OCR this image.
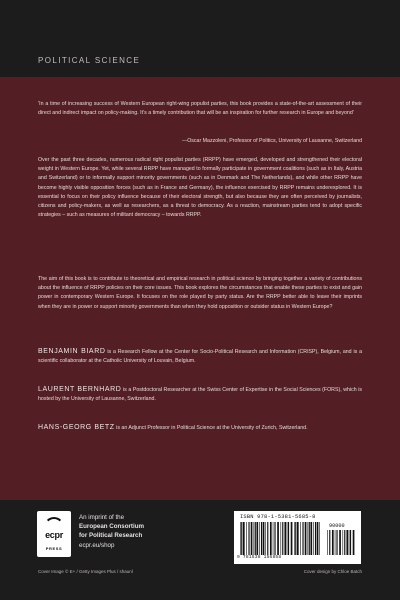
POLITICAL SCIENCE

‘In a time of increasing success of Western European right-wing populist parties, this book provides a state-of-the-art assessment of their direct and indirect impact on policy-making. It’s a timely contribution that will be an inspiration for further research in Europe and beyond’

—Oscar Mazzoleni, Professor of Politics, University of Lausanne, Switzerland

Over the past three decades, numerous radical right populist parties (RRPP) have emerged, developed and strengthened their electoral weight in Western Europe. Yet, while several RRPP have managed to formally participate in government coalitions (such as in Italy, Austria and Switzerland) or to informally support minority governments (such as in Denmark and The Netherlands), and while other RRPP have become highly visible opposition forces (such as in France and Germany), the influence exercised by RRPP remains underexplored. It is essential to focus on their policy influence because of their electoral strength, but also because they are often perceived by journalists, citizens and policy-makers, as well as researchers, as a threat to democracy. As a reaction, mainstream parties tend to adopt specific strategies – such as measures of militant democracy – towards RRPP.

The aim of this book is to contribute to theoretical and empirical research in political science by bringing together a variety of contributions about the influence of RRPP policies on their core issues. This book explores the circumstances that enable these parties to exist and gain power in contemporary Western Europe. It focuses on the role played by party status. Are the RRPP better able to leave their imprints when they are in power or support minority governments than when they hold opposition or outsider status in Western Europe?

BENJAMIN BIARD is a Research Fellow at the Center for Socio-Political Research and Information (CRISP), Belgium, and is a scientific collaborator at the Catholic University of Louvain, Belgium.

LAURENT BERNHARD is a Postdoctoral Researcher at the Swiss Center of Expertise in the Social Sciences (FORS), which is hosted by the University of Lausanne, Switzerland.

HANS-GEORG BETZ is an Adjunct Professor in Political Science at the University of Zurich, Switzerland.

ecpr
PRESS
An imprint of the
European Consortium
for Political Research
ecpr.eu/shop
ISBN 978-1-5381-5685-8
90000
9 781538 156858
Cover Image © E+ / Getty Images Plus / shaunl	Cover design by Chloe Batch
